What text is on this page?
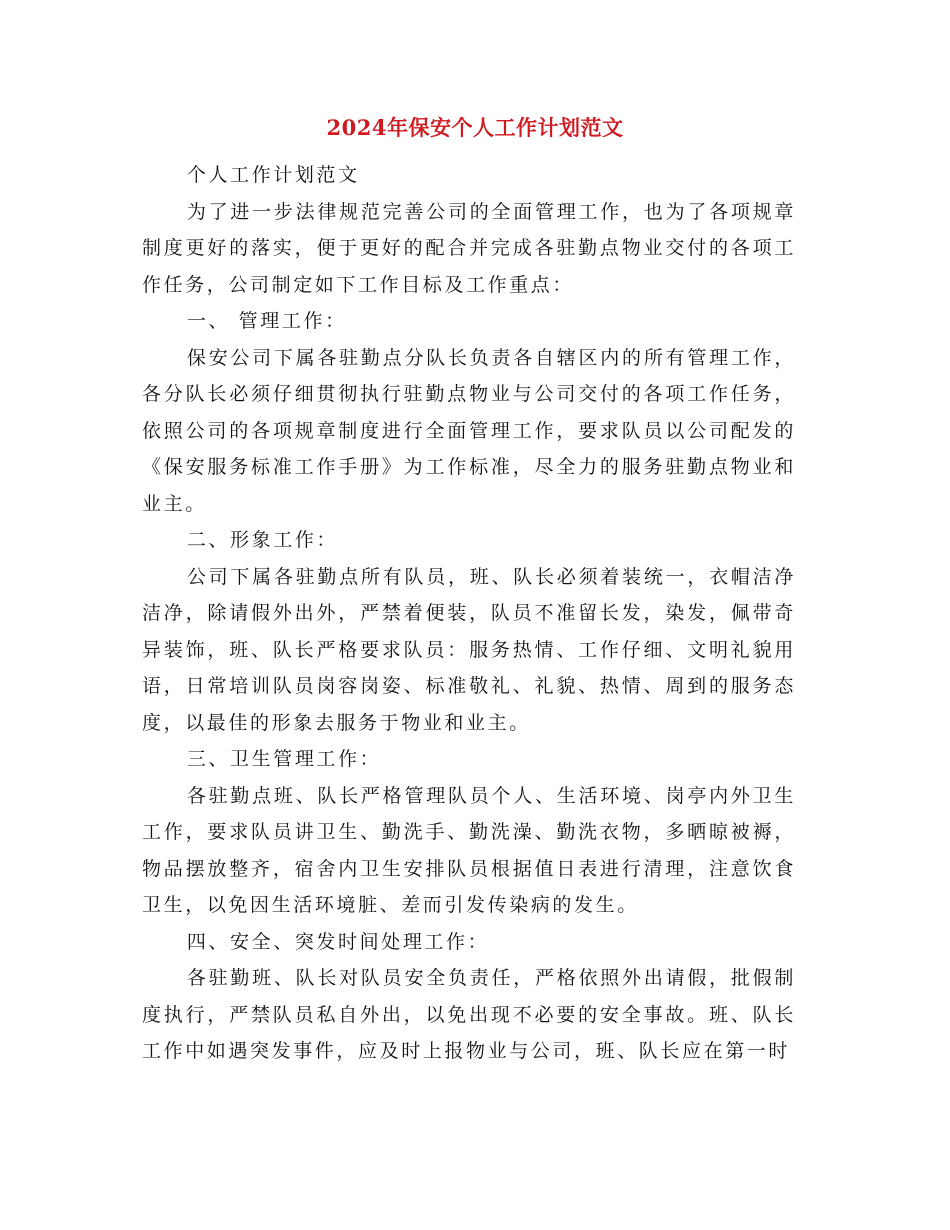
2024年保安个人工作计划范文

个人工作计划范文

为了进一步法律规范完善公司的全面管理工作，也为了各项规章制度更好的落实，便于更好的配合并完成各驻勤点物业交付的各项工作任务，公司制定如下工作目标及工作重点：

一、 管理工作：

保安公司下属各驻勤点分队长负责各自辖区内的所有管理工作，各分队长必须仔细贯彻执行驻勤点物业与公司交付的各项工作任务，依照公司的各项规章制度进行全面管理工作，要求队员以公司配发的《保安服务标准工作手册》为工作标准，尽全力的服务驻勤点物业和业主。

二、形象工作：

公司下属各驻勤点所有队员，班、队长必须着装统一，衣帽洁净洁净，除请假外出外，严禁着便装，队员不准留长发，染发，佩带奇异装饰，班、队长严格要求队员：服务热情、工作仔细、文明礼貌用语，日常培训队员岗容岗姿、标准敬礼、礼貌、热情、周到的服务态度，以最佳的形象去服务于物业和业主。

三、卫生管理工作：

各驻勤点班、队长严格管理队员个人、生活环境、岗亭内外卫生工作，要求队员讲卫生、勤洗手、勤洗澡、勤洗衣物，多晒晾被褥，物品摆放整齐，宿舍内卫生安排队员根据值日表进行清理，注意饮食卫生，以免因生活环境脏、差而引发传染病的发生。

四、安全、突发时间处理工作：

各驻勤班、队长对队员安全负责任，严格依照外出请假，批假制度执行，严禁队员私自外出，以免出现不必要的安全事故。班、队长工作中如遇突发事件，应及时上报物业与公司，班、队长应在第一时
